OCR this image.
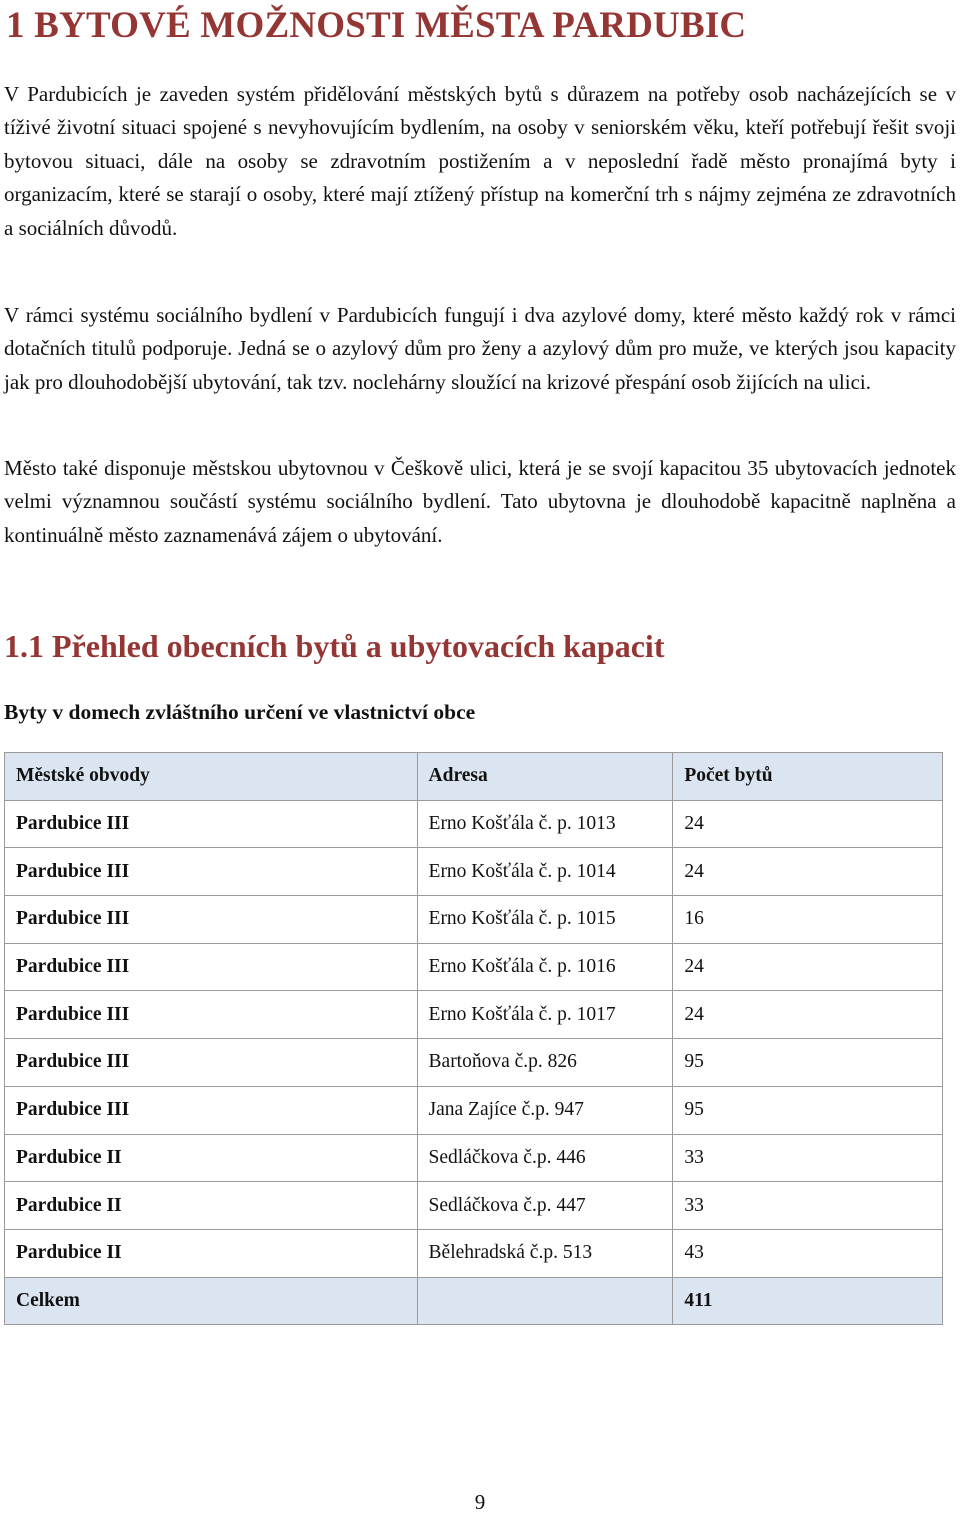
1 BYTOVÉ MOŽNOSTI MĚSTA PARDUBIC

V Pardubicích je zaveden systém přidělování městských bytů s důrazem na potřeby osob nacházejících se v tíživé životní situaci spojené s nevyhovujícím bydlením, na osoby v seniorském věku, kteří potřebují řešit svoji bytovou situaci, dále na osoby se zdravotním postižením a v neposlední řadě město pronajímá byty i organizacím, které se starají o osoby, které mají ztížený přístup na komerční trh s nájmy zejména ze zdravotních a sociálních důvodů.

V rámci systému sociálního bydlení v Pardubicích fungují i dva azylové domy, které město každý rok v rámci dotačních titulů podporuje. Jedná se o azylový dům pro ženy a azylový dům pro muže, ve kterých jsou kapacity jak pro dlouhodobější ubytování, tak tzv. noclehárny sloužící na krizové přespání osob žijících na ulici.

Město také disponuje městskou ubytovnou v Češkově ulici, která je se svojí kapacitou 35 ubytovacích jednotek velmi významnou součástí systému sociálního bydlení. Tato ubytovna je dlouhodobě kapacitně naplněna a kontinuálně město zaznamenává zájem o ubytování.

1.1 Přehled obecních bytů a ubytovacích kapacit

Byty v domech zvláštního určení ve vlastnictví obce

Městské obvody	Adresa	Počet bytů
Pardubice III	Erno Košťála č. p. 1013	24
Pardubice III	Erno Košťála č. p. 1014	24
Pardubice III	Erno Košťála č. p. 1015	16
Pardubice III	Erno Košťála č. p. 1016	24
Pardubice III	Erno Košťála č. p. 1017	24
Pardubice III	Bartoňova č.p. 826	95
Pardubice III	Jana Zajíce č.p. 947	95
Pardubice II	Sedláčkova č.p. 446	33
Pardubice II	Sedláčkova č.p. 447	33
Pardubice II	Bělehradská č.p. 513	43
Celkem		411
9
